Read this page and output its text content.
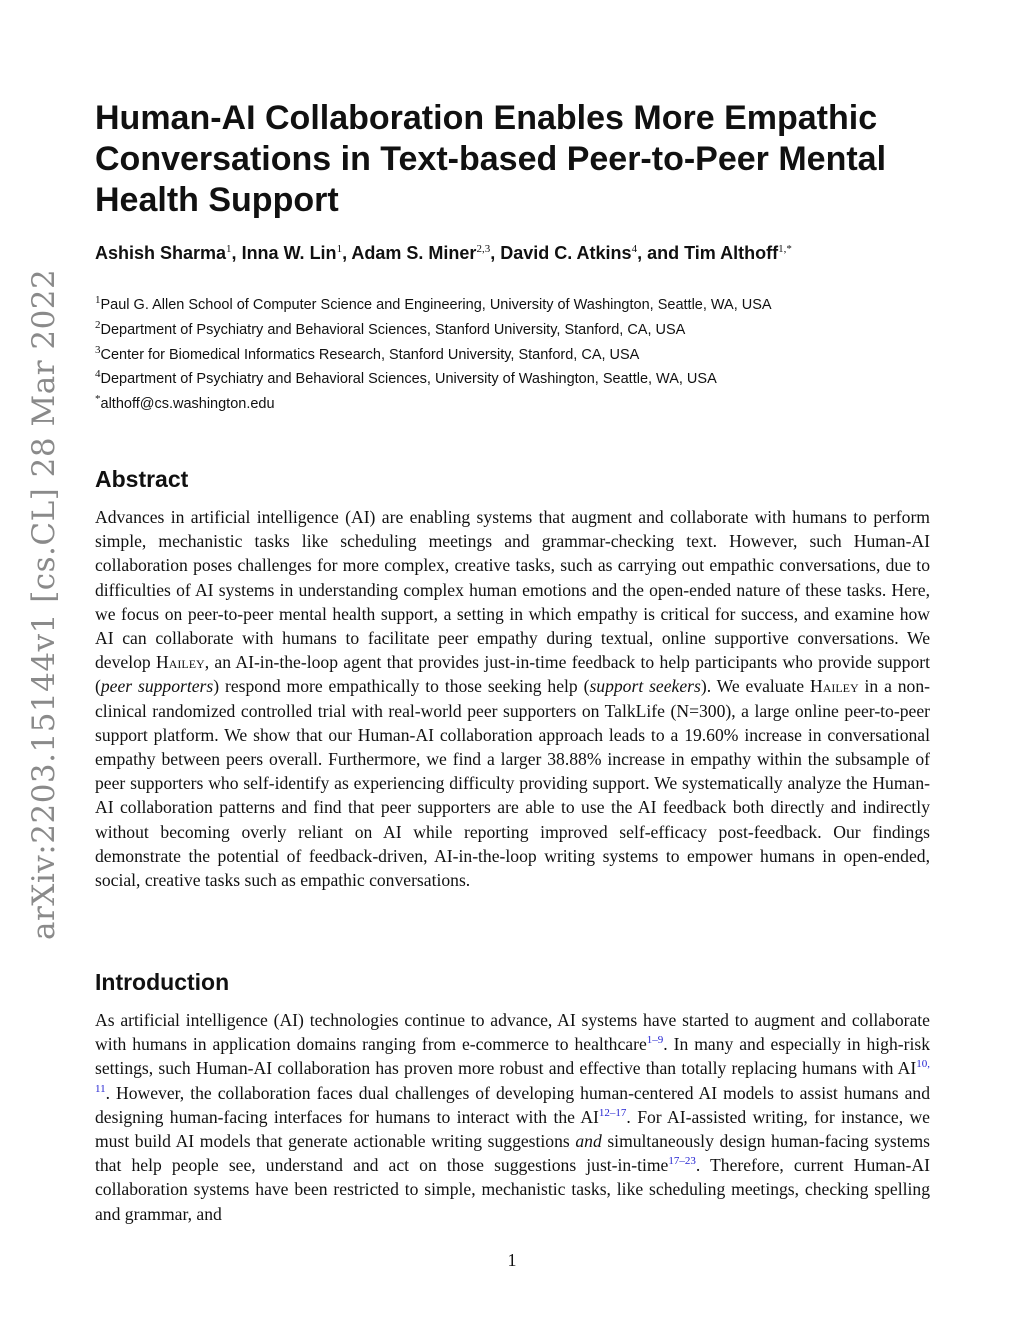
arXiv:2203.15144v1 [cs.CL] 28 Mar 2022
Human-AI Collaboration Enables More Empathic Conversations in Text-based Peer-to-Peer Mental Health Support
Ashish Sharma$^1$, Inna W. Lin$^1$, Adam S. Miner$^{2,3}$, David C. Atkins$^4$, and Tim Althoff$^{1,*}$
$^1$Paul G. Allen School of Computer Science and Engineering, University of Washington, Seattle, WA, USA
$^2$Department of Psychiatry and Behavioral Sciences, Stanford University, Stanford, CA, USA
$^3$Center for Biomedical Informatics Research, Stanford University, Stanford, CA, USA
$^4$Department of Psychiatry and Behavioral Sciences, University of Washington, Seattle, WA, USA
*althoff@cs.washington.edu
Abstract

Advances in artificial intelligence (AI) are enabling systems that augment and collaborate with humans to perform simple, mechanistic tasks like scheduling meetings and grammar-checking text. However, such Human-AI collaboration poses challenges for more complex, creative tasks, such as carrying out empathic conversations, due to difficulties of AI systems in understanding complex human emotions and the open-ended nature of these tasks. Here, we focus on peer-to-peer mental health support, a setting in which empathy is critical for success, and examine how AI can collaborate with humans to facilitate peer empathy during textual, online supportive conversations. We develop Hailey, an AI-in-the-loop agent that provides just-in-time feedback to help participants who provide support (peer supporters) respond more empathically to those seeking help (support seekers). We evaluate Hailey in a non-clinical randomized controlled trial with real-world peer supporters on TalkLife (N=300), a large online peer-to-peer support platform. We show that our Human-AI collaboration approach leads to a 19.60% increase in conversational empathy between peers overall. Furthermore, we find a larger 38.88% increase in empathy within the subsample of peer supporters who self-identify as experiencing difficulty providing support. We systematically analyze the Human-AI collaboration patterns and find that peer supporters are able to use the AI feedback both directly and indirectly without becoming overly reliant on AI while reporting improved self-efficacy post-feedback. Our findings demonstrate the potential of feedback-driven, AI-in-the-loop writing systems to empower humans in open-ended, social, creative tasks such as empathic conversations.

Introduction

As artificial intelligence (AI) technologies continue to advance, AI systems have started to augment and collaborate with humans in application domains ranging from e-commerce to healthcare$^{1-9}$. In many and especially in high-risk settings, such Human-AI collaboration has proven more robust and effective than totally replacing humans with AI$^{10, 11}$. However, the collaboration faces dual challenges of developing human-centered AI models to assist humans and designing human-facing interfaces for humans to interact with the AI$^{12-17}$. For AI-assisted writing, for instance, we must build AI models that generate actionable writing suggestions and simultaneously design human-facing systems that help people see, understand and act on those suggestions just-in-time$^{17-23}$. Therefore, current Human-AI collaboration systems have been restricted to simple, mechanistic tasks, like scheduling meetings, checking spelling and grammar, and

1
